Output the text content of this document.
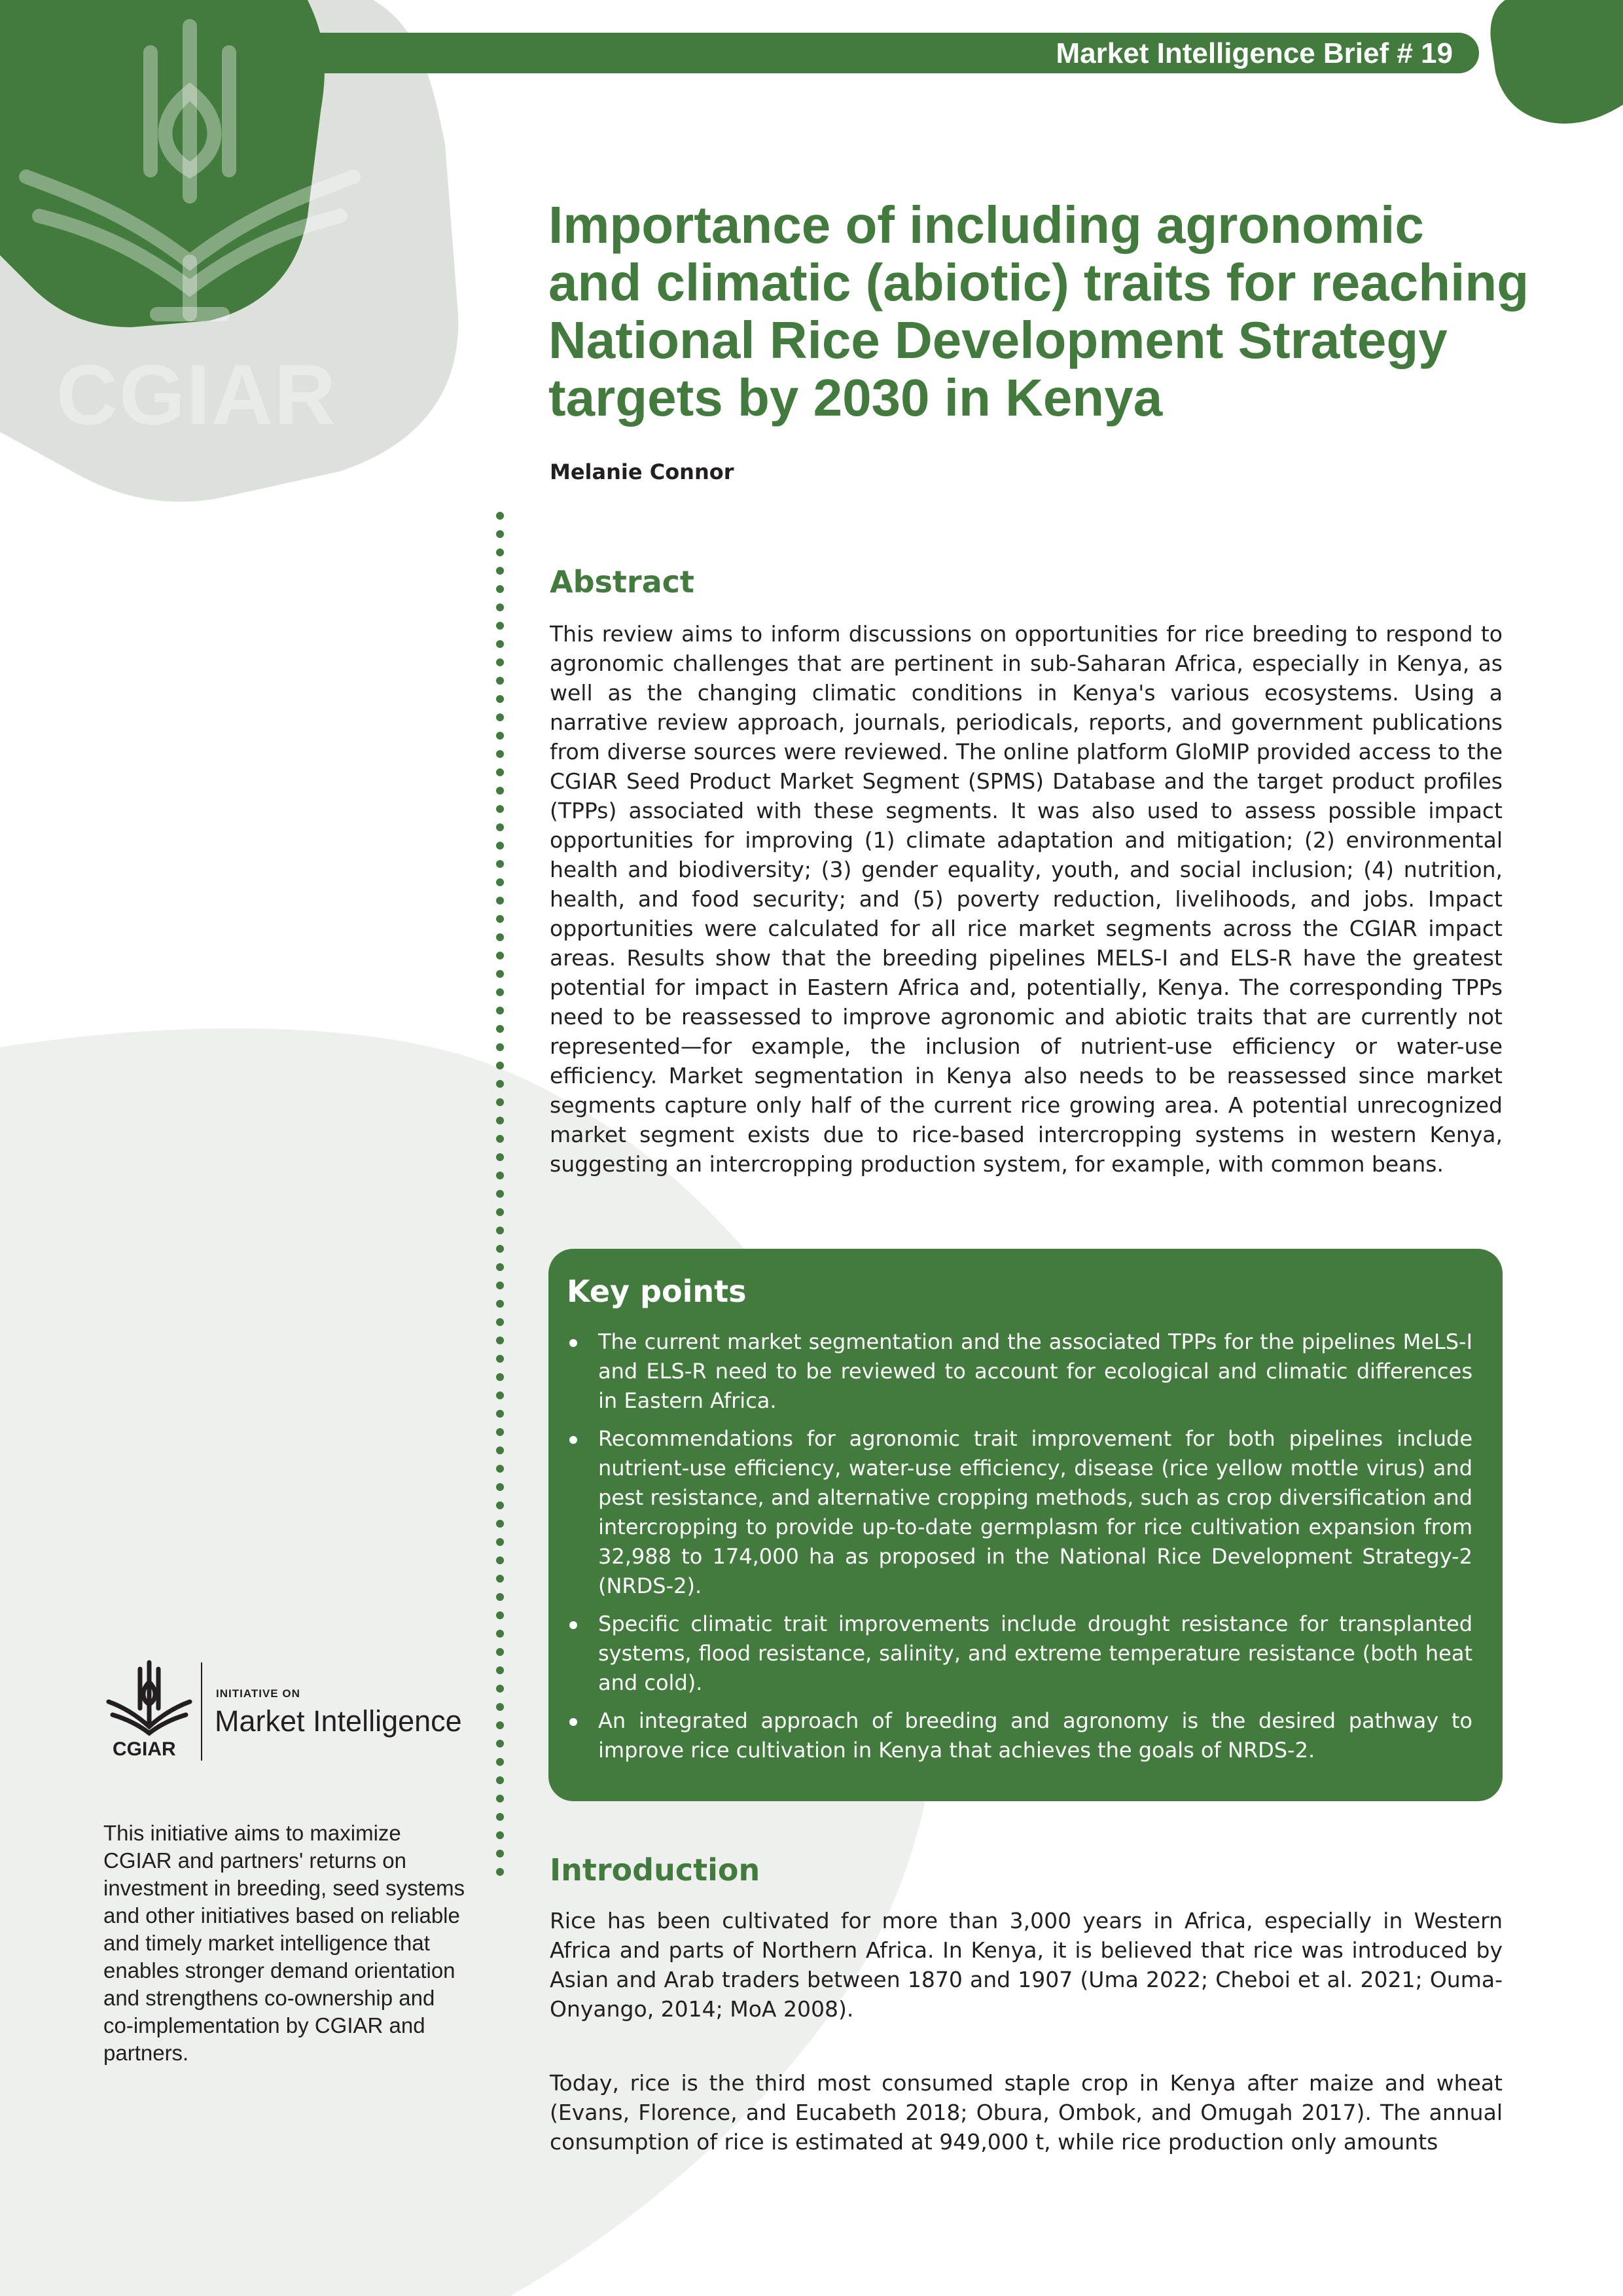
CGIAR
Market Intelligence Brief # 19
Importance of including agronomic and climatic (abiotic) traits for reaching National Rice Development Strategy targets by 2030 in Kenya
Melanie Connor
Abstract

This review aims to inform discussions on opportunities for rice breeding to respond to agronomic challenges that are pertinent in sub-Saharan Africa, especially in Kenya, as well as the changing climatic conditions in Kenya's various ecosystems. Using a narrative review approach, journals, periodicals, reports, and government publications from diverse sources were reviewed. The online platform GloMIP provided access to the CGIAR Seed Product Market Segment (SPMS) Database and the target product profiles (TPPs) associated with these segments. It was also used to assess possible impact opportunities for improving (1) climate adaptation and mitigation; (2) environmental health and biodiversity; (3) gender equality, youth, and social inclusion; (4) nutrition, health, and food security; and (5) poverty reduction, livelihoods, and jobs. Impact opportunities were calculated for all rice market segments across the CGIAR impact areas. Results show that the breeding pipelines MELS-I and ELS-R have the greatest potential for impact in Eastern Africa and, potentially, Kenya. The corresponding TPPs need to be reassessed to improve agronomic and abiotic traits that are currently not represented—for example, the inclusion of nutrient-use efficiency or water-use efficiency. Market segmentation in Kenya also needs to be reassessed since market segments capture only half of the current rice growing area. A potential unrecognized market segment exists due to rice-based intercropping systems in western Kenya, suggesting an intercropping production system, for example, with common beans.

Key points
The current market segmentation and the associated TPPs for the pipelines MeLS-I and ELS-R need to be reviewed to account for ecological and climatic differences in Eastern Africa.
Recommendations for agronomic trait improvement for both pipelines include nutrient-use efficiency, water-use efficiency, disease (rice yellow mottle virus) and pest resistance, and alternative cropping methods, such as crop diversification and intercropping to provide up-to-date germplasm for rice cultivation expansion from 32,988 to 174,000 ha as proposed in the National Rice Development Strategy-2 (NRDS-2).
Specific climatic trait improvements include drought resistance for transplanted systems, flood resistance, salinity, and extreme temperature resistance (both heat and cold).
An integrated approach of breeding and agronomy is the desired pathway to improve rice cultivation in Kenya that achieves the goals of NRDS-2.
Introduction

Rice has been cultivated for more than 3,000 years in Africa, especially in Western Africa and parts of Northern Africa. In Kenya, it is believed that rice was introduced by Asian and Arab traders between 1870 and 1907 (Uma 2022; Cheboi et al. 2021; Ouma-Onyango, 2014; MoA 2008).

Today, rice is the third most consumed staple crop in Kenya after maize and wheat (Evans, Florence, and Eucabeth 2018; Obura, Ombok, and Omugah 2017). The annual consumption of rice is estimated at 949,000 t, while rice production only amounts

INITIATIVE ON
Market Intelligence
CGIAR

This initiative aims to maximize CGIAR and partners' returns on investment in breeding, seed systems and other initiatives based on reliable and timely market intelligence that enables stronger demand orientation and strengthens co-ownership and co-implementation by CGIAR and partners.
